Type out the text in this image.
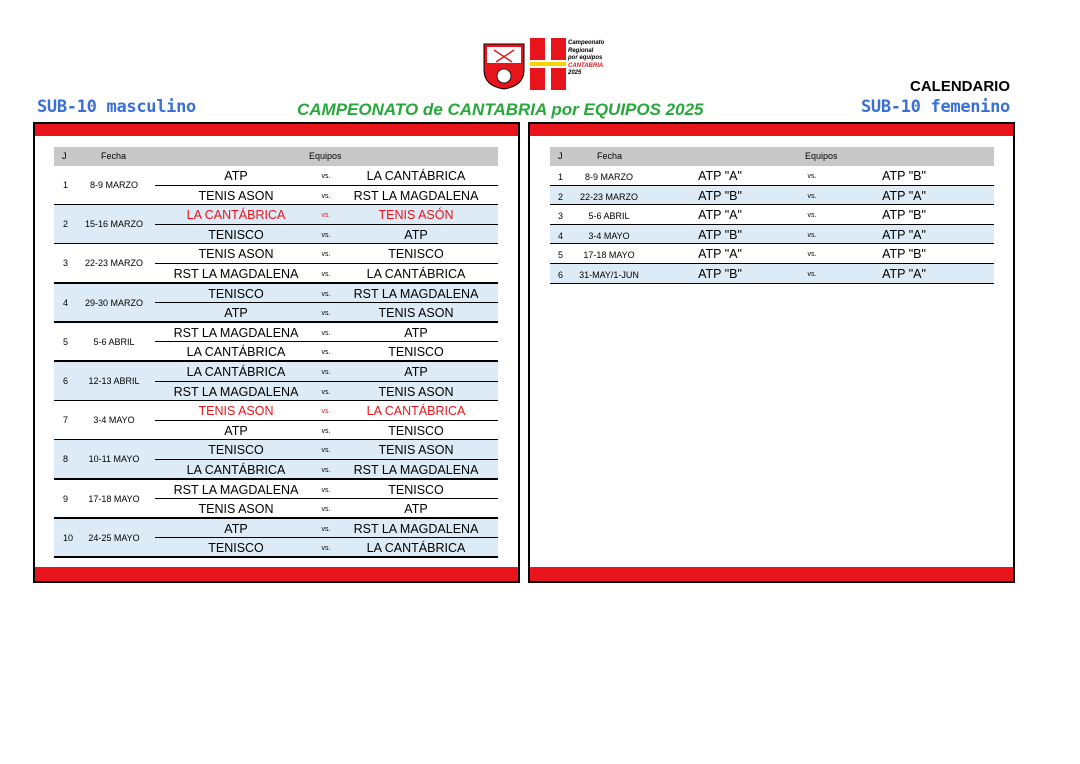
Campeonato
Regional
por equipos
CANTABRIA
2025
CALENDARIO
SUB-10 masculino	CAMPEONATO de CANTABRIA por EQUIPOS 2025	SUB-10 femenino
J	Fecha	Equipos
1	8-9 MARZO
ATP	vs.	LA CANTÁBRICA
TENIS ASON	vs.	RST LA MAGDALENA
2 15-16 MARZO
LA CANTÁBRICA	vs.	TENIS ASÓN
TENISCO	vs.	ATP
3 22-23 MARZO
TENIS ASON	vs.	TENISCO
RST LA MAGDALENA	vs.	LA CANTÁBRICA
4 29-30 MARZO
TENISCO	vs.	RST LA MAGDALENA
ATP	vs.	TENIS ASON
5	5-6 ABRIL
RST LA MAGDALENA	vs.	ATP
LA CANTÁBRICA	vs.	TENISCO
6	12-13 ABRIL
LA CANTÁBRICA	vs.	ATP
RST LA MAGDALENA	vs.	TENIS ASON
7	3-4 MAYO
TENIS ASON	vs.	LA CANTÁBRICA
ATP	vs.	TENISCO
8	10-11 MAYO
TENISCO	vs.	TENIS ASON
LA CANTÁBRICA	vs.	RST LA MAGDALENA
9	17-18 MAYO
RST LA MAGDALENA	vs.	TENISCO
TENIS ASON	vs.	ATP
10	24-25 MAYO
ATP	vs.	RST LA MAGDALENA
TENISCO	vs.	LA CANTÁBRICA
J	Fecha	Equipos
1	8-9 MARZO	ATP "A"	vs.	ATP "B"
2	22-23 MARZO	ATP "B"	vs.	ATP "A"
3	5-6 ABRIL	ATP "A"	vs.	ATP "B"
4	3-4 MAYO	ATP "B"	vs.	ATP "A"
5	17-18 MAYO	ATP "A"	vs.	ATP "B"
6	31-MAY/1-JUN	ATP "B"	vs.	ATP "A"
